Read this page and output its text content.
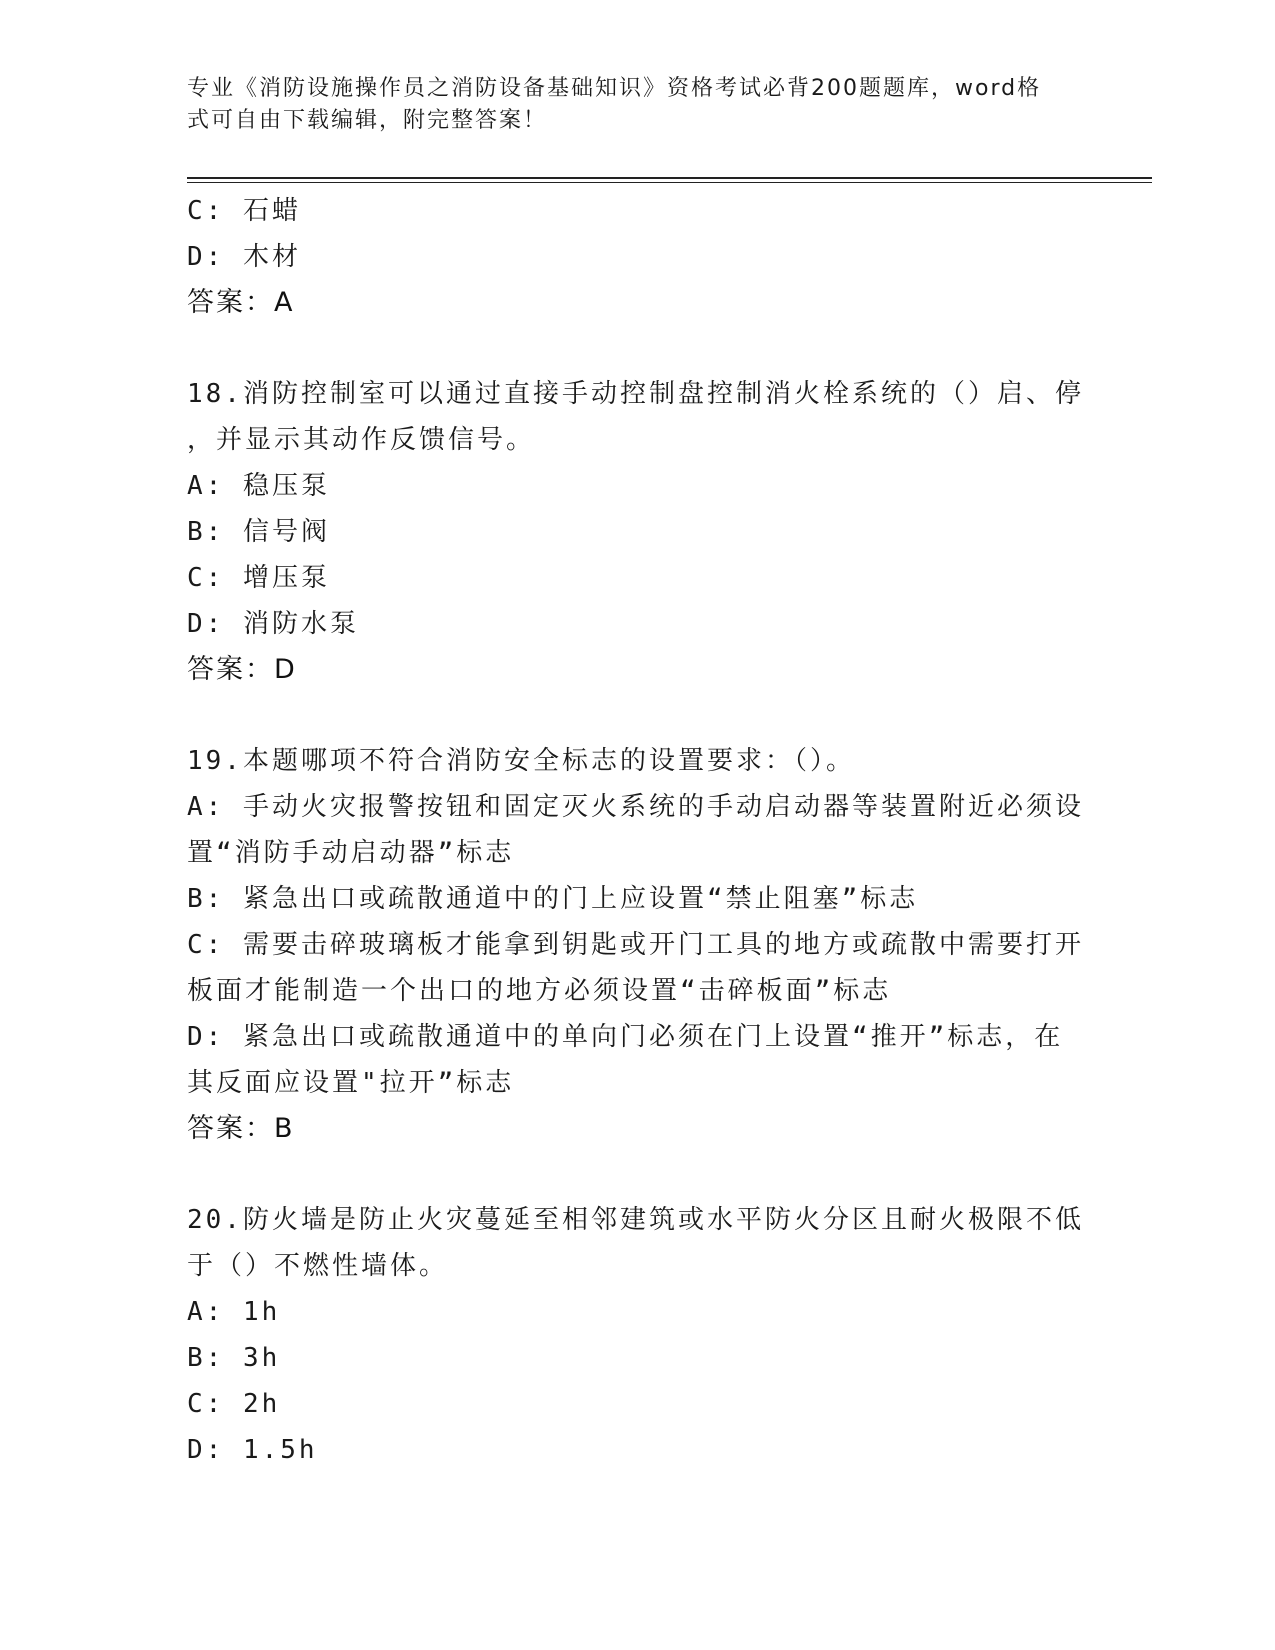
专业《消防设施操作员之消防设备基础知识》资格考试必背200题题库，word格
式可自由下载编辑，附完整答案！
C: 石蜡
D: 木材
答案：A
18.消防控制室可以通过直接手动控制盘控制消火栓系统的（）启、停
，并显示其动作反馈信号。
A: 稳压泵
B: 信号阀
C: 增压泵
D: 消防水泵
答案：D
19.本题哪项不符合消防安全标志的设置要求：（）。
A: 手动火灾报警按钮和固定灭火系统的手动启动器等装置附近必须设
置“消防手动启动器”标志
B: 紧急出口或疏散通道中的门上应设置“禁止阻塞”标志
C: 需要击碎玻璃板才能拿到钥匙或开门工具的地方或疏散中需要打开
板面才能制造一个出口的地方必须设置“击碎板面”标志
D: 紧急出口或疏散通道中的单向门必须在门上设置“推开”标志，在
其反面应设置"拉开”标志
答案：B
20.防火墙是防止火灾蔓延至相邻建筑或水平防火分区且耐火极限不低
于（）不燃性墙体。
A: 1h
B: 3h
C: 2h
D: 1.5h
